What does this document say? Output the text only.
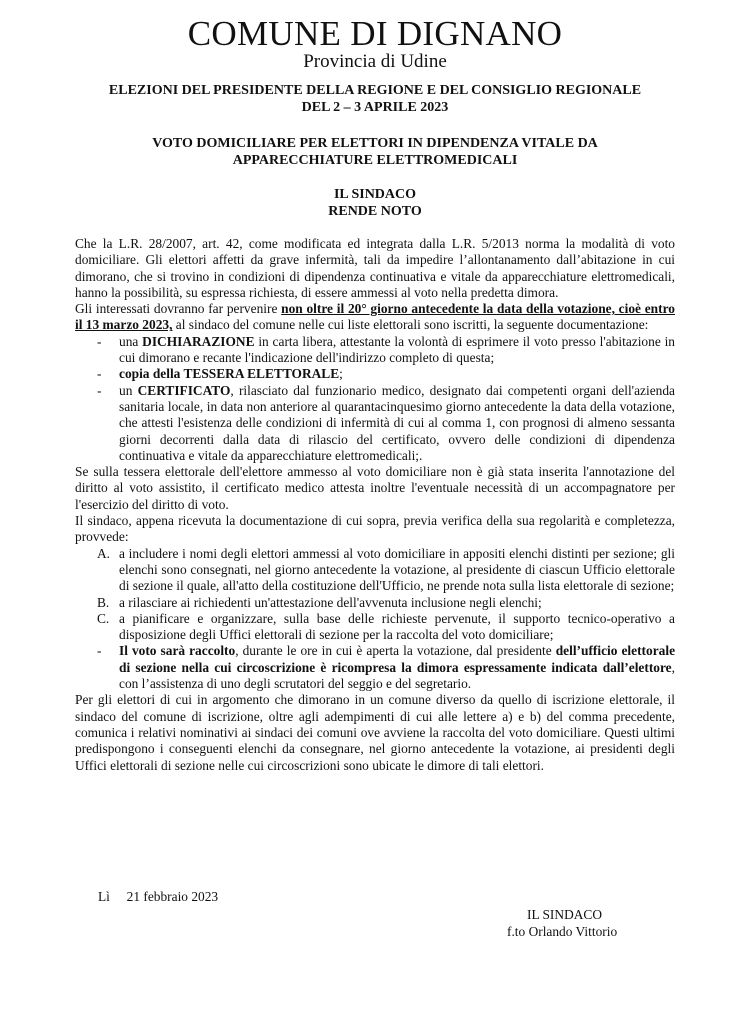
COMUNE DI DIGNANO
Provincia di Udine
ELEZIONI DEL PRESIDENTE DELLA REGIONE E DEL CONSIGLIO REGIONALE
DEL 2 – 3 APRILE 2023
VOTO DOMICILIARE PER ELETTORI IN DIPENDENZA VITALE DA
APPARECCHIATURE ELETTROMEDICALI
IL SINDACO
RENDE NOTO

Che la L.R. 28/2007, art. 42, come modificata ed integrata dalla L.R. 5/2013 norma la modalità di voto domiciliare. Gli elettori affetti da grave infermità, tali da impedire l’allontanamento dall’abitazione in cui dimorano, che si trovino in condizioni di dipendenza continuativa e vitale da apparecchiature elettromedicali, hanno la possibilità, su espressa richiesta, di essere ammessi al voto nella predetta dimora.

Gli interessati dovranno far pervenire non oltre il 20° giorno antecedente la data della votazione, cioè entro il 13 marzo 2023, al sindaco del comune nelle cui liste elettorali sono iscritti, la seguente documentazione:

- una DICHIARAZIONE in carta libera, attestante la volontà di esprimere il voto presso l'abitazione in cui dimorano e recante l'indicazione dell'indirizzo completo di questa;
- copia della TESSERA ELETTORALE;
- un CERTIFICATO, rilasciato dal funzionario medico, designato dai competenti organi dell'azienda sanitaria locale, in data non anteriore al quarantacinquesimo giorno antecedente la data della votazione, che attesti l'esistenza delle condizioni di infermità di cui al comma 1, con prognosi di almeno sessanta giorni decorrenti dalla data di rilascio del certificato, ovvero delle condizioni di dipendenza continuativa e vitale da apparecchiature elettromedicali;.

Se sulla tessera elettorale dell'elettore ammesso al voto domiciliare non è già stata inserita l'annotazione del diritto al voto assistito, il certificato medico attesta inoltre l'eventuale necessità di un accompagnatore per l'esercizio del diritto di voto.

Il sindaco, appena ricevuta la documentazione di cui sopra, previa verifica della sua regolarità e completezza, provvede:

A. a includere i nomi degli elettori ammessi al voto domiciliare in appositi elenchi distinti per sezione; gli elenchi sono consegnati, nel giorno antecedente la votazione, al presidente di ciascun Ufficio elettorale di sezione il quale, all'atto della costituzione dell'Ufficio, ne prende nota sulla lista elettorale di sezione;
B. a rilasciare ai richiedenti un'attestazione dell'avvenuta inclusione negli elenchi;
C. a pianificare e organizzare, sulla base delle richieste pervenute, il supporto tecnico-operativo a disposizione degli Uffici elettorali di sezione per la raccolta del voto domiciliare;
- Il voto sarà raccolto, durante le ore in cui è aperta la votazione, dal presidente dell’ufficio elettorale di sezione nella cui circoscrizione è ricompresa la dimora espressamente indicata dall’elettore, con l’assistenza di uno degli scrutatori del seggio e del segretario.

Per gli elettori di cui in argomento che dimorano in un comune diverso da quello di iscrizione elettorale, il sindaco del comune di iscrizione, oltre agli adempimenti di cui alle lettere a) e b) del comma precedente, comunica i relativi nominativi ai sindaci dei comuni ove avviene la raccolta del voto domiciliare. Questi ultimi predispongono i conseguenti elenchi da consegnare, nel giorno antecedente la votazione, ai presidenti degli Uffici elettorali di sezione nelle cui circoscrizioni sono ubicate le dimore di tali elettori.

Lì     21 febbraio 2023
IL SINDACO
f.to Orlando Vittorio
